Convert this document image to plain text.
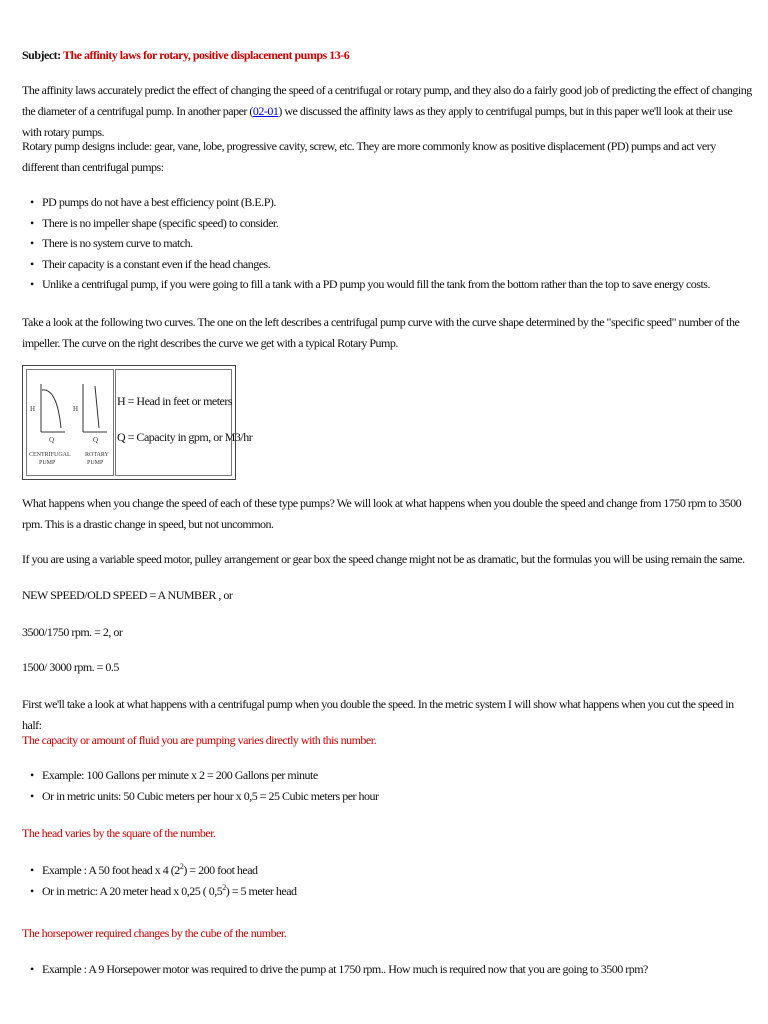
Subject: The affinity laws for rotary, positive displacement pumps 13-6
The affinity laws accurately predict the effect of changing the speed of a centrifugal or rotary pump, and they also do a fairly good job of predicting the effect of changing the diameter of a centrifugal pump. In another paper (02-01) we discussed the affinity laws as they apply to centrifugal pumps, but in this paper we'll look at their use with rotary pumps.
Rotary pump designs include: gear, vane, lobe, progressive cavity, screw, etc. They are more commonly know as positive displacement (PD) pumps and act very different than centrifugal pumps:
• PD pumps do not have a best efficiency point (B.E.P).
• There is no impeller shape (specific speed) to consider.
• There is no system curve to match.
• Their capacity is a constant even if the head changes.
• Unlike a centrifugal pump, if you were going to fill a tank with a PD pump you would fill the tank from the bottom rather than the top to save energy costs.
Take a look at the following two curves. The one on the left describes a centrifugal pump curve with the curve shape determined by the "specific speed" number of the impeller. The curve on the right describes the curve we get with a typical Rotary Pump.
H	H
Q	Q
CENTRIFUGAL
PUMP
ROTARY
PUMP
H = Head in feet or meters
Q = Capacity in gpm, or M3/hr
What happens when you change the speed of each of these type pumps? We will look at what happens when you double the speed and change from 1750 rpm to 3500 rpm. This is a drastic change in speed, but not uncommon.
If you are using a variable speed motor, pulley arrangement or gear box the speed change might not be as dramatic, but the formulas you will be using remain the same.
NEW SPEED/OLD SPEED = A NUMBER , or
3500/1750 rpm. = 2, or
1500/ 3000 rpm. = 0.5
First we'll take a look at what happens with a centrifugal pump when you double the speed. In the metric system I will show what happens when you cut the speed in half:
The capacity or amount of fluid you are pumping varies directly with this number.
• Example: 100 Gallons per minute x 2 = 200 Gallons per minute
• Or in metric units: 50 Cubic meters per hour x 0,5 = 25 Cubic meters per hour
The head varies by the square of the number.
• Example : A 50 foot head x 4 $(2^2) = 200$ foot head
• Or in metric: A 20 meter head x 0,25 ( $0,5^2) = 5$ meter head
The horsepower required changes by the cube of the number.
• Example : A 9 Horsepower motor was required to drive the pump at 1750 rpm.. How much is required now that you are going to 3500 rpm?
